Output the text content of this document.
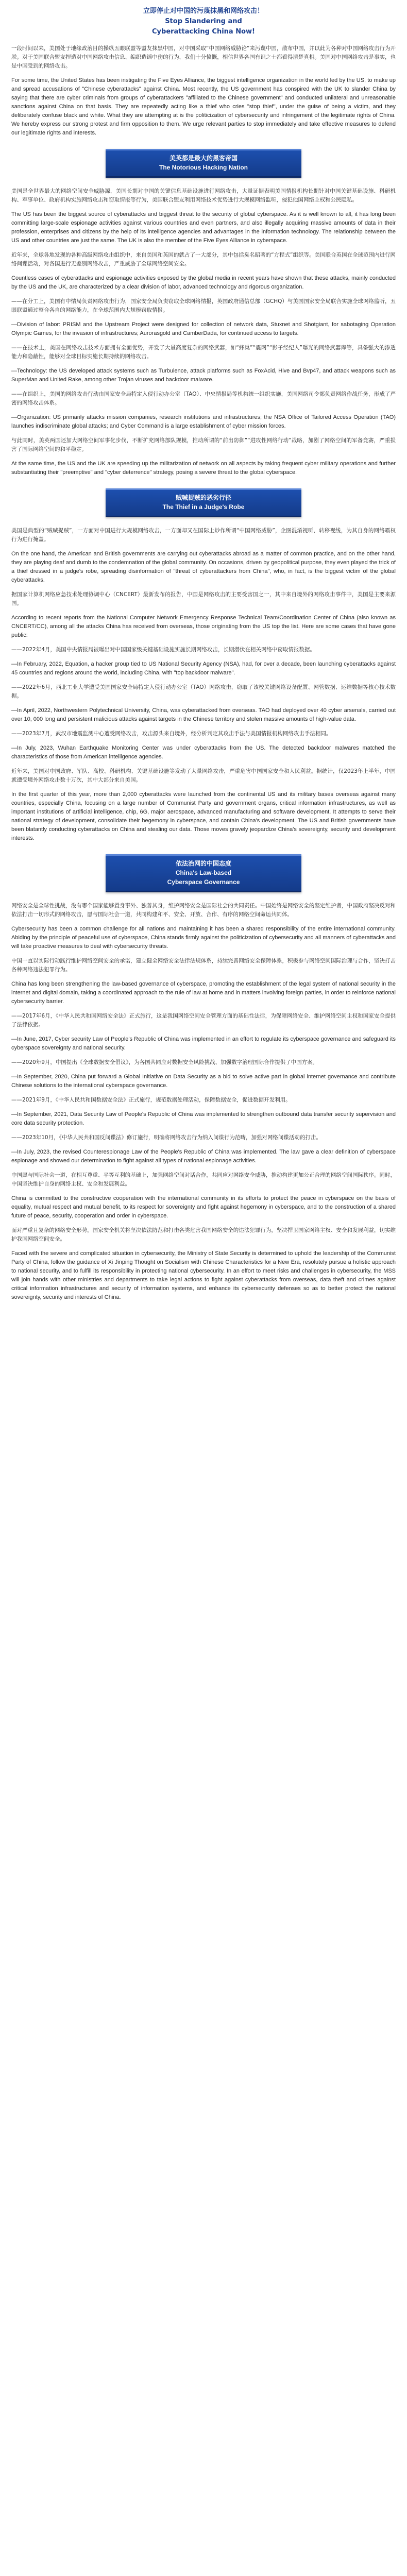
立即停止对中国的污蔑抹黑和网络攻击！
Stop Slandering and
Cyberattacking China Now!

一段时间以来，美国处于地缘政治目的操纵五眼联盟等盟友抹黑中国，对中国采取“中国网络威胁论”来污蔑中国，散布中国，并以此为各种对中国网络攻击行为开脱。对于美国联合盟友捏造对中国网络攻击信息、编织造谣中伤的行为，我们十分愤慨，相信世界各国有识之士都看得清楚真相。美国对中国网络攻击是事实，也是中国受到的网络攻击。

For some time, the United States has been instigating the Five Eyes Alliance, the biggest intelligence organization in the world led by the US, to make up and spread accusations of "Chinese cyberattacks" against China. Most recently, the US government has conspired with the UK to slander China by saying that there are cyber criminals from groups of cyberattackers "affiliated to the Chinese government" and conducted unilateral and unreasonable sanctions against China on that basis. They are repeatedly acting like a thief who cries "stop thief", under the guise of being a victim, and they deliberately confuse black and white. What they are attempting at is the politicization of cybersecurity and infringement of the legitimate rights of China. We hereby express our strong protest and firm opposition to them. We urge relevant parties to stop immediately and take effective measures to defend our legitimate rights and interests.

美英都是最大的黑客帝国
The Notorious Hacking Nation

美国是全世界最大的网络空间安全威胁源，美国长期对中国的关键信息基础设施进行网络攻击，大量证据表明美国情报机构长期针对中国关键基础设施、科研机构、军事单位、政府机构实施网络攻击和窃取情报等行为，美国联合盟友利用网络技术优势进行大规模网络监听，侵犯他国网络主权和公民隐私。

The US has been the biggest source of cyberattacks and biggest threat to the security of global cyberspace. As it is well known to all, it has long been committing large-scale espionage activities against various countries and even partners, and also illegally acquiring massive amounts of data in their profession, enterprises and citizens by the help of its intelligence agencies and advantages in the information technology. The relationship between the US and other countries are just the same. The UK is also the member of the Five Eyes Alliance in cyberspace.

近年来，全球各地发现的各种高级网络攻击组织中，来自美国和英国的就占了一大部分，其中包括臭名昭著的“方程式”组织等。美国联合英国在全球范围内进行网络间谍活动，对各国进行无差别网络攻击，严重威胁了全球网络空间安全。

Countless cases of cyberattacks and espionage activities exposed by the global media in recent years have shown that these attacks, mainly conducted by the US and the UK, are characterized by a clear division of labor, advanced technology and rigorous organization.

——在分工上，美国有中情局负责网络攻击行为，国家安全局负责窃取全球网络情报，英国政府通信总部（GCHQ）与美国国家安全局联合实施全球网络监听，五眼联盟通过整合各自的网络能力，在全球范围内大规模窃取情报。

—Division of labor: PRISM and the Upstream Project were designed for collection of network data, Stuxnet and Shotgiant, for sabotaging Operation Olympic Games, for the invasion of infrastructures; Aurorasgold and CamberDada, for continued access to targets.

——在技术上，美国在网络攻击技术方面拥有全面优势，开发了大量高度复杂的网络武器，如“蜂巢”“震网”“影子经纪人”曝光的网络武器库等，具备强大的渗透能力和隐蔽性，能够对全球目标实施长期持续的网络攻击。

—Technology: the US developed attack systems such as Turbulence, attack platforms such as FoxAcid, Hive and Bvp47, and attack weapons such as SuperMan and United Rake, among other Trojan viruses and backdoor malware.

——在组织上，美国的网络攻击行动由国家安全局特定入侵行动办公室（TAO）、中央情报局等机构统一组织实施，美国网络司令部负责网络作战任务，形成了严密的网络攻击体系。

—Organization: US primarily attacks mission companies, research institutions and infrastructures; the NSA Office of Tailored Access Operation (TAO) launches indiscriminate global attacks; and Cyber Command is a large establishment of cyber mission forces.

与此同时，美英两国还加大网络空间军事化步伐，不断扩充网络部队规模，推动所谓的“前出防御”“进攻性网络行动”战略，加剧了网络空间的军备竞赛，严重损害了国际网络空间的和平稳定。

At the same time, the US and the UK are speeding up the militarization of network on all aspects by taking frequent cyber military operations and further substantiating their "preemptive" and "cyber deterrence" strategy, posing a severe threat to the global cyberspace.

贼喊捉贼的恶劣行径
The Thief in a Judge's Robe

美国是典型的“贼喊捉贼”，一方面对中国进行大规模网络攻击，一方面却又在国际上炒作所谓“中国网络威胁”，企图混淆视听，转移视线，为其自身的网络霸权行为进行掩盖。

On the one hand, the American and British governments are carrying out cyberattacks abroad as a matter of common practice, and on the other hand, they are playing deaf and dumb to the condemnation of the global community. On occasions, driven by geopolitical purpose, they even played the trick of a thief dressed in a judge's robe, spreading disinformation of "threat of cyberattackers from China", who, in fact, is the biggest victim of the global cyberattacks.

据国家计算机网络应急技术处理协调中心（CNCERT）最新发布的报告，中国是网络攻击的主要受害国之一，其中来自境外的网络攻击事件中，美国是主要来源国。

According to recent reports from the National Computer Network Emergency Response Technical Team/Coordination Center of China (also known as CNCERT/CC), among all the attacks China has received from overseas, those originating from the US top the list. Here are some cases that have gone public:

——2022年4月，美国中央情报局被曝出对中国国家级关键基础设施实施长期网络攻击，长期潜伏在相关网络中窃取情报数据。

—In February, 2022, Equation, a hacker group tied to US National Security Agency (NSA), had, for over a decade, been launching cyberattacks against 45 countries and regions around the world, including China, with "top backdoor malware".

——2022年6月，西北工业大学遭受美国国家安全局特定入侵行动办公室（TAO）网络攻击，窃取了该校关键网络设备配置、网管数据、运维数据等核心技术数据。

—In April, 2022, Northwestern Polytechnical University, China, was cyberattacked from overseas. TAO had deployed over 40 cyber arsenals, carried out over 10, 000 long and persistent malicious attacks against targets in the Chinese territory and stolen massive amounts of high-value data.

——2023年7月，武汉市地震监测中心遭受网络攻击，攻击源头来自境外，经分析判定其攻击手法与美国情报机构网络攻击手法相同。

—In July, 2023, Wuhan Earthquake Monitoring Center was under cyberattacks from the US. The detected backdoor malwares matched the characteristics of those from American intelligence agencies.

近年来，美国对中国政府、军队、高校、科研机构、关键基础设施等发动了大量网络攻击，严重危害中国国家安全和人民利益。据统计，仅2023年上半年，中国就遭受境外网络攻击数十万次，其中大部分来自美国。

In the first quarter of this year, more than 2,000 cyberattacks were launched from the continental US and its military bases overseas against many countries, especially China, focusing on a large number of Communist Party and government organs, critical information infrastructures, as well as important institutions of artificial intelligence, chip, 6G, major aerospace, advanced manufacturing and software development. It attempts to serve their national strategy of development, consolidate their hegemony in cyberspace, and contain China's development. The US and British governments have been blatantly conducting cyberattacks on China and stealing our data. Those moves gravely jeopardize China's sovereignty, security and development interests.

依法治网的中国态度
China's Law-based
Cyberspace Governance

网络安全是全球性挑战，没有哪个国家能够置身事外、独善其身，维护网络安全是国际社会的共同责任。中国始终是网络安全的坚定维护者，中国政府坚决反对和依法打击一切形式的网络攻击，愿与国际社会一道，共同构建和平、安全、开放、合作、有序的网络空间命运共同体。

Cybersecurity has been a common challenge for all nations and maintaining it has been a shared responsibility of the entire international community. Abiding by the principle of peaceful use of cyberspace, China stands firmly against the politicization of cybersecurity and all manners of cyberattacks and will take proactive measures to deal with cybersecurity threats.

中国一直以实际行动践行维护网络空间安全的承诺，建立健全网络安全法律法规体系，持续完善网络安全保障体系，积极参与网络空间国际治理与合作，坚决打击各种网络违法犯罪行为。

China has long been strengthening the law-based governance of cyberspace, promoting the establishment of the legal system of national security in the internet and digital domain, taking a coordinated approach to the rule of law at home and in matters involving foreign parties, in order to reinforce national cybersecurity barrier.

——2017年6月，《中华人民共和国网络安全法》正式施行，这是我国网络空间安全管理方面的基础性法律，为保障网络安全、维护网络空间主权和国家安全提供了法律依据。

—In June, 2017, Cyber security Law of People's Republic of China was implemented in an effort to regulate its cyberspace governance and safeguard its cyberspace sovereignty and national security.

——2020年9月，中国提出《全球数据安全倡议》，为各国共同应对数据安全风险挑战、加强数字治理国际合作提供了中国方案。

—In September, 2020, China put forward a Global Initiative on Data Security as a bid to solve active part in global internet governance and contribute Chinese solutions to the international cyberspace governance.

——2021年9月，《中华人民共和国数据安全法》正式施行，规范数据处理活动，保障数据安全，促进数据开发利用。

—In September, 2021, Data Security Law of People's Republic of China was implemented to strengthen outbound data transfer security supervision and core data security protection.

——2023年10月，《中华人民共和国反间谍法》修订施行，明确将网络攻击行为纳入间谍行为范畴，加强对网络间谍活动的打击。

—In July, 2023, the revised Counterespionage Law of the People's Republic of China was implemented. The law gave a clear definition of cyberspace espionage and showed our determination to fight against all types of national espionage activities.

中国愿与国际社会一道，在相互尊重、平等互利的基础上，加强网络空间对话合作，共同应对网络安全威胁，推动构建更加公正合理的网络空间国际秩序。同时，中国坚决维护自身的网络主权、安全和发展利益。

China is committed to the constructive cooperation with the international community in its efforts to protect the peace in cyberspace on the basis of equality, mutual respect and mutual benefit, to its respect for sovereignty and fight against hegemony in cyberspace, and to the construction of a shared future of peace, security, cooperation and order in cyberspace.

面对严重且复杂的网络安全形势，国家安全机关将坚决依法防范和打击各类危害我国网络安全的违法犯罪行为，坚决捍卫国家网络主权、安全和发展利益，切实维护我国网络空间安全。

Faced with the severe and complicated situation in cybersecurity, the Ministry of State Security is determined to uphold the leadership of the Communist Party of China, follow the guidance of Xi Jinping Thought on Socialism with Chinese Characteristics for a New Era, resolutely pursue a holistic approach to national security, and to fulfill its responsibility in protecting national cybersecurity. In an effort to meet risks and challenges in cybersecurity, the MSS will join hands with other ministries and departments to take legal actions to fight against cyberattacks from overseas, data theft and crimes against critical information infrastructures and security of information systems, and enhance its cybersecurity defenses so as to better protect the national sovereignty, security and interests of China.
